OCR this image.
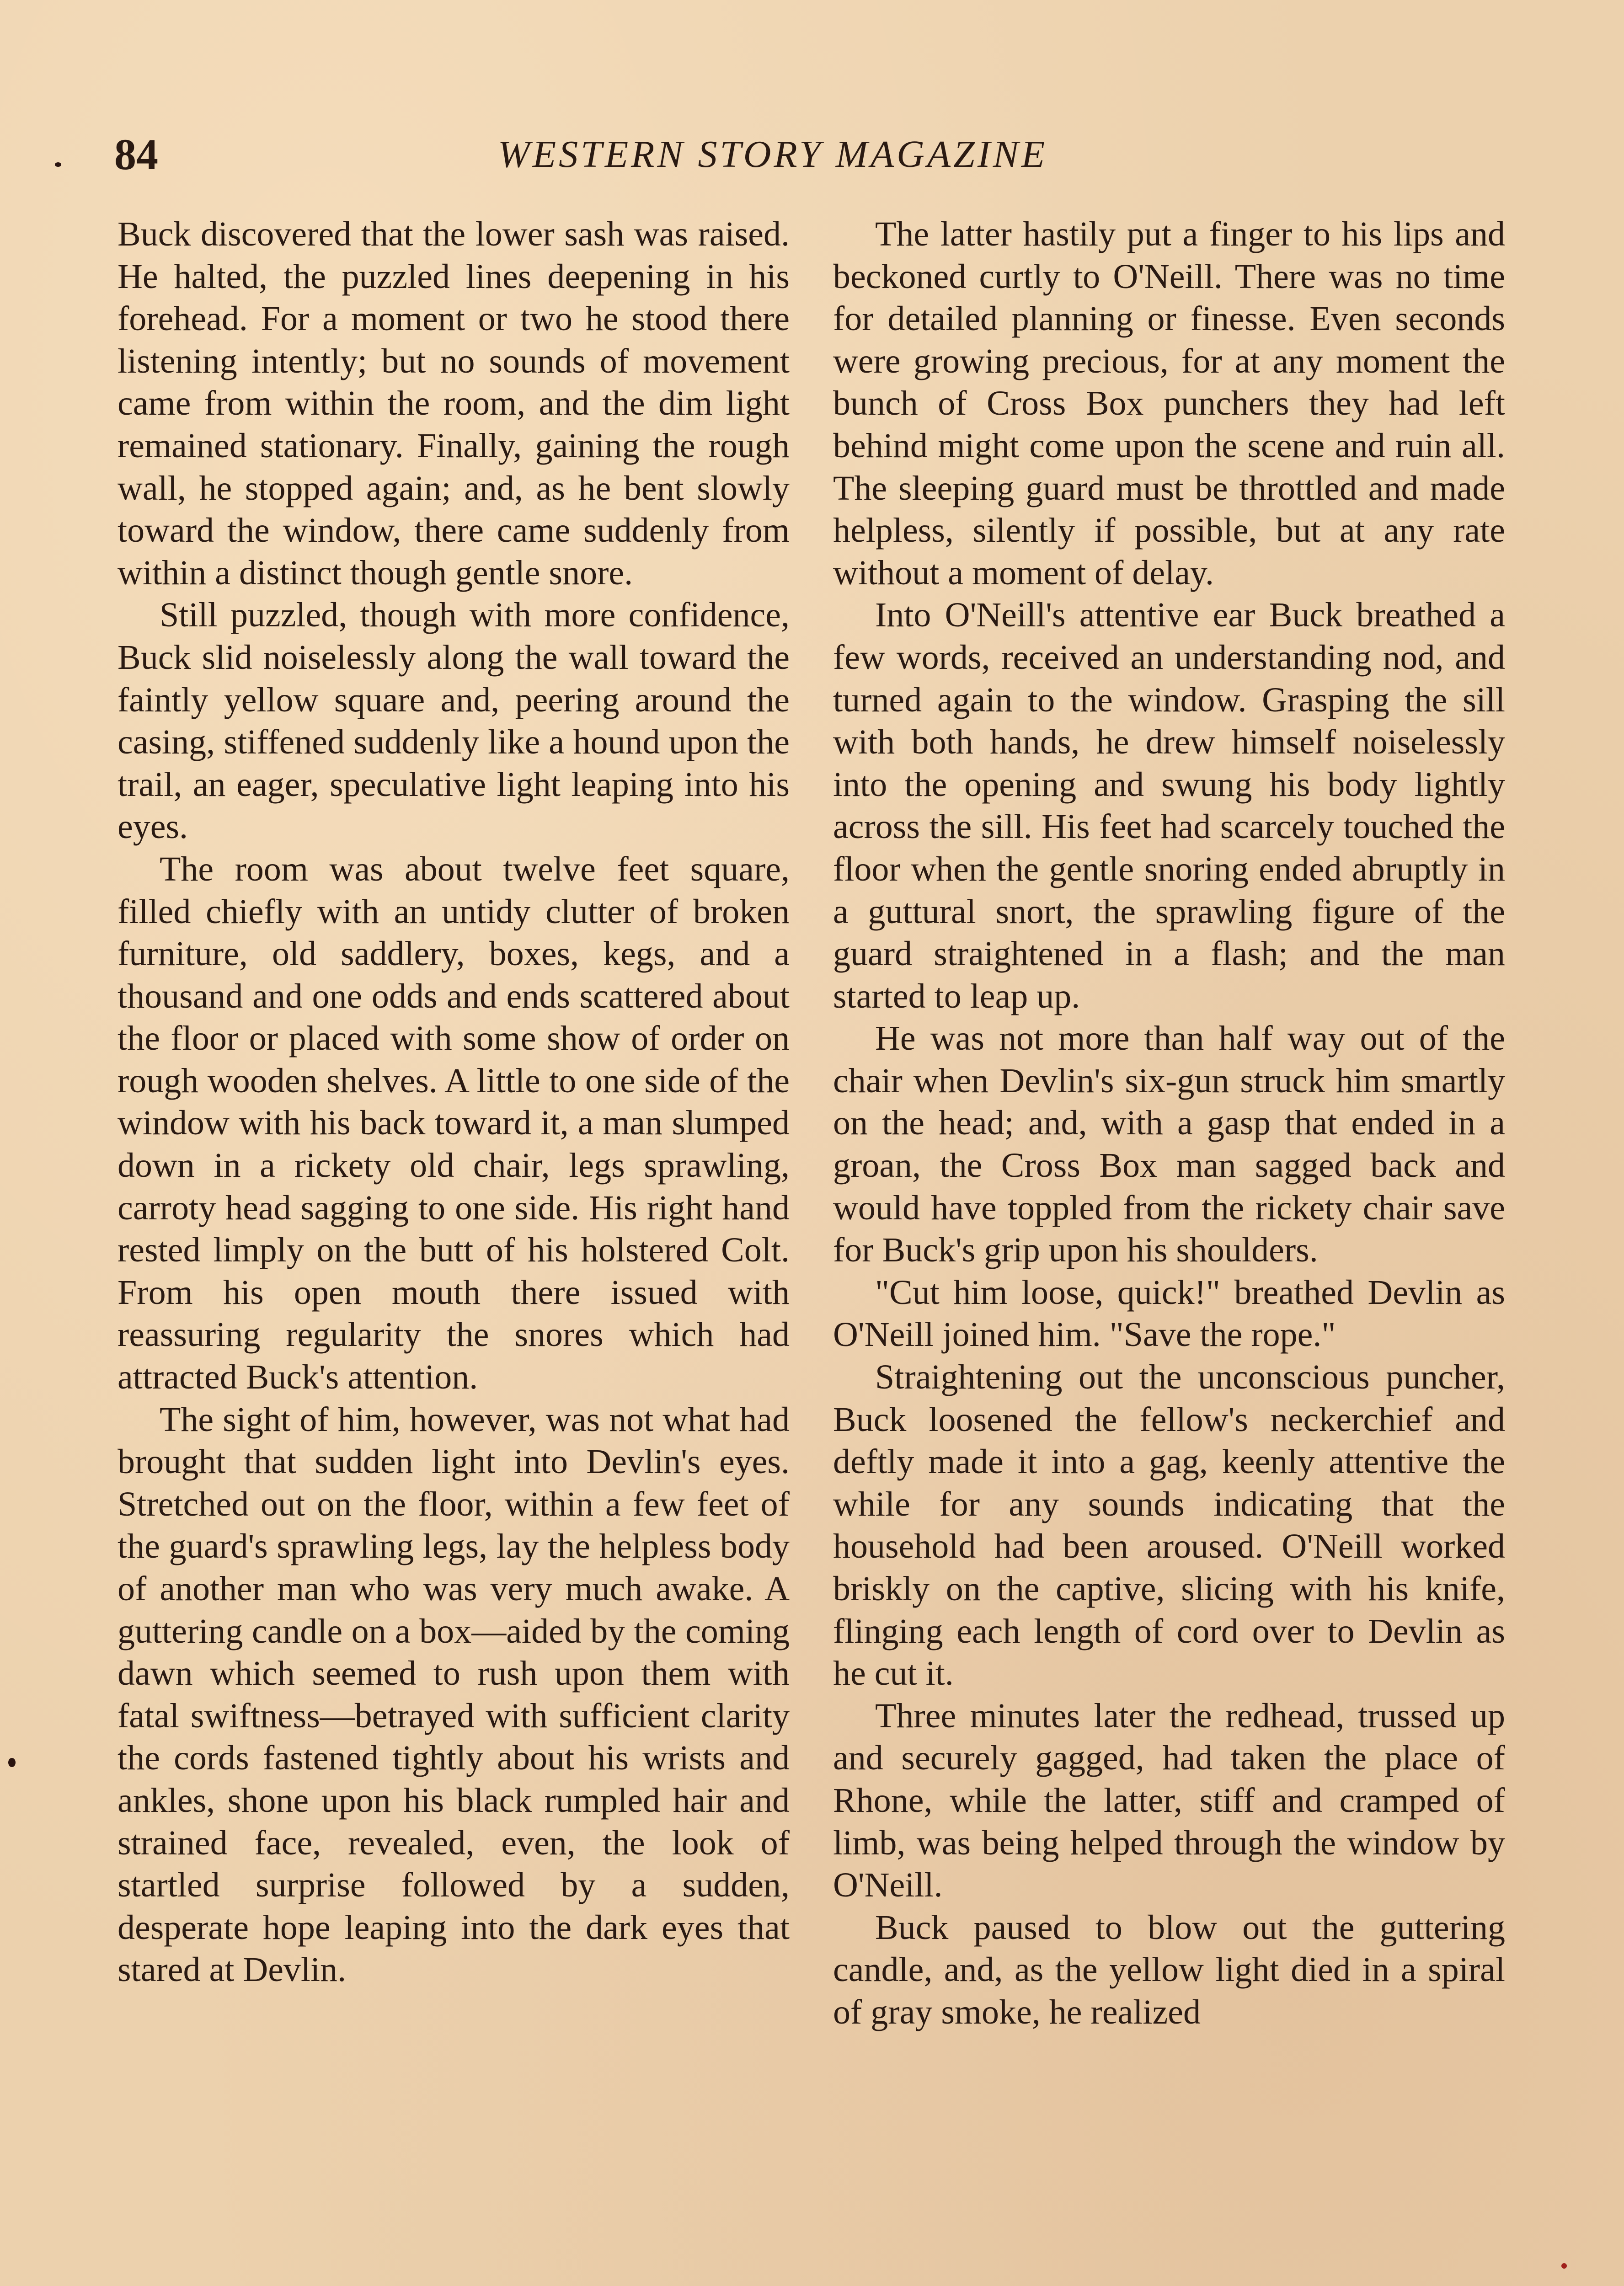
84	WESTERN STORY MAGAZINE

Buck discovered that the lower sash was raised. He halted, the puzzled lines deepening in his forehead. For a moment or two he stood there listening intently; but no sounds of movement came from within the room, and the dim light remained stationary. Finally, gaining the rough wall, he stopped again; and, as he bent slowly toward the window, there came suddenly from within a distinct though gentle snore.

Still puzzled, though with more confidence, Buck slid noiselessly along the wall toward the faintly yellow square and, peering around the casing, stiffened suddenly like a hound upon the trail, an eager, speculative light leaping into his eyes.

The room was about twelve feet square, filled chiefly with an untidy clutter of broken furniture, old saddlery, boxes, kegs, and a thousand and one odds and ends scattered about the floor or placed with some show of order on rough wooden shelves. A little to one side of the window with his back toward it, a man slumped down in a rickety old chair, legs sprawling, carroty head sagging to one side. His right hand rested limply on the butt of his holstered Colt. From his open mouth there issued with reassuring regularity the snores which had attracted Buck's attention.

The sight of him, however, was not what had brought that sudden light into Devlin's eyes. Stretched out on the floor, within a few feet of the guard's sprawling legs, lay the helpless body of another man who was very much awake. A guttering candle on a box—aided by the coming dawn which seemed to rush upon them with fatal swiftness—betrayed with sufficient clarity the cords fastened tightly about his wrists and ankles, shone upon his black rumpled hair and strained face, revealed, even, the look of startled surprise followed by a sudden, desperate hope leaping into the dark eyes that stared at Devlin.

The latter hastily put a finger to his lips and beckoned curtly to O'Neill. There was no time for detailed planning or finesse. Even seconds were growing precious, for at any moment the bunch of Cross Box punchers they had left behind might come upon the scene and ruin all. The sleeping guard must be throttled and made helpless, silently if possible, but at any rate without a moment of delay.

Into O'Neill's attentive ear Buck breathed a few words, received an understanding nod, and turned again to the window. Grasping the sill with both hands, he drew himself noiselessly into the opening and swung his body lightly across the sill. His feet had scarcely touched the floor when the gentle snoring ended abruptly in a guttural snort, the sprawling figure of the guard straightened in a flash; and the man started to leap up.

He was not more than half way out of the chair when Devlin's six-gun struck him smartly on the head; and, with a gasp that ended in a groan, the Cross Box man sagged back and would have toppled from the rickety chair save for Buck's grip upon his shoulders.

"Cut him loose, quick!" breathed Devlin as O'Neill joined him. "Save the rope."

Straightening out the unconscious puncher, Buck loosened the fellow's neckerchief and deftly made it into a gag, keenly attentive the while for any sounds indicating that the household had been aroused. O'Neill worked briskly on the captive, slicing with his knife, flinging each length of cord over to Devlin as he cut it.

Three minutes later the redhead, trussed up and securely gagged, had taken the place of Rhone, while the latter, stiff and cramped of limb, was being helped through the window by O'Neill.

Buck paused to blow out the guttering candle, and, as the yellow light died in a spiral of gray smoke, he realized
